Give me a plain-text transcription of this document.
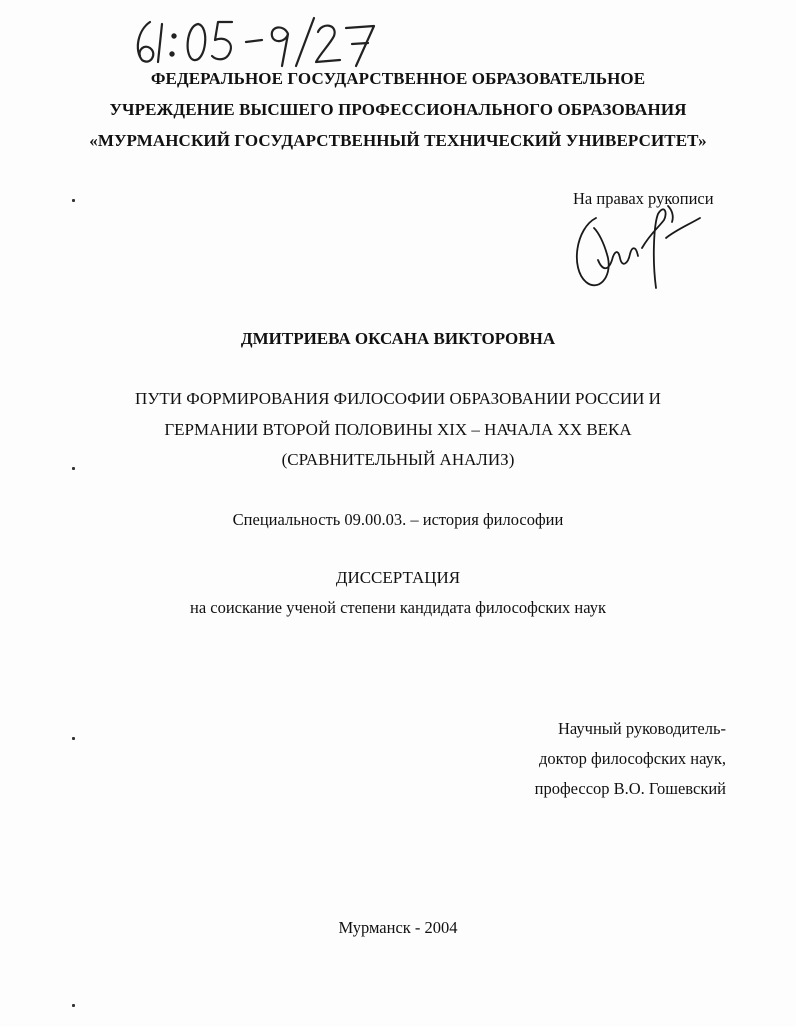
ФЕДЕРАЛЬНОЕ ГОСУДАРСТВЕННОЕ ОБРАЗОВАТЕЛЬНОЕ
УЧРЕЖДЕНИЕ ВЫСШЕГО ПРОФЕССИОНАЛЬНОГО ОБРАЗОВАНИЯ
«МУРМАНСКИЙ ГОСУДАРСТВЕННЫЙ ТЕХНИЧЕСКИЙ УНИВЕРСИТЕТ»
На правах рукописи
ДМИТРИЕВА ОКСАНА ВИКТОРОВНА
ПУТИ ФОРМИРОВАНИЯ ФИЛОСОФИИ ОБРАЗОВАНИИ РОССИИ И
ГЕРМАНИИ ВТОРОЙ ПОЛОВИНЫ XIX – НАЧАЛА XX ВЕКА
(СРАВНИТЕЛЬНЫЙ АНАЛИЗ)
Специальность 09.00.03. – история философии
ДИССЕРТАЦИЯ
на соискание ученой степени кандидата философских наук
Научный руководитель-
доктор философских наук,
профессор В.О. Гошевский
Мурманск - 2004
